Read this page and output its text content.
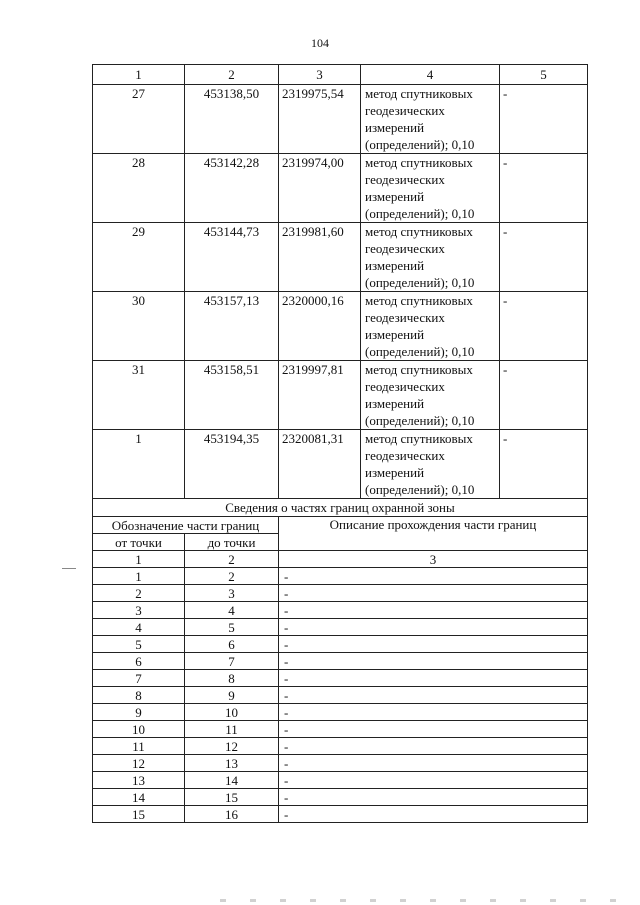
104
1	2	3	4	5
27	453138,50	2319975,54	метод спутниковых
геодезических
измерений
(определений); 0,10	-
28	453142,28	2319974,00	метод спутниковых
геодезических
измерений
(определений); 0,10	-
29	453144,73	2319981,60	метод спутниковых
геодезических
измерений
(определений); 0,10	-
30	453157,13	2320000,16	метод спутниковых
геодезических
измерений
(определений); 0,10	-
31	453158,51	2319997,81	метод спутниковых
геодезических
измерений
(определений); 0,10	-
1	453194,35	2320081,31	метод спутниковых
геодезических
измерений
(определений); 0,10	-
Сведения о частях границ охранной зоны				
Обозначение части границ		Описание прохождения части границ
от точки	до точки	
1	2	3
1	2	-
2	3	-
3	4	-
4	5	-
5	6	-
6	7	-
7	8	-
8	9	-
9	10	-
10	11	-
11	12	-
12	13	-
13	14	-
14	15	-
15	16	-
